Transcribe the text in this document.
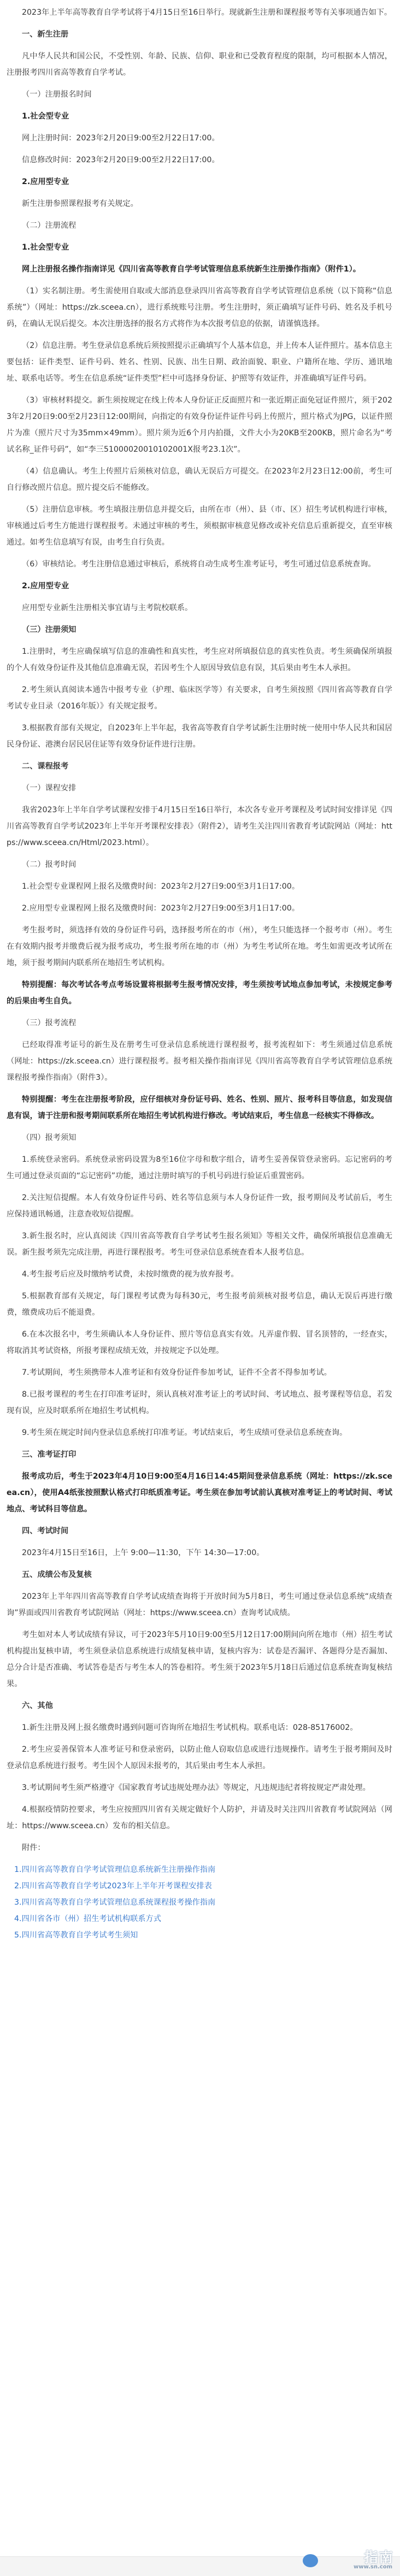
2023年上半年高等教育自学考试将于4月15日至16日举行。现就新生注册和课程报考等有关事项通告如下。

一、新生注册

凡中华人民共和国公民，不受性别、年龄、民族、信仰、职业和已受教育程度的限制，均可根据本人情况，注册报考四川省高等教育自学考试。

（一）注册报名时间

1.社会型专业

网上注册时间：2023年2月20日9:00至2月22日17:00。

信息修改时间：2023年2月20日9:00至2月22日17:00。

2.应用型专业

新生注册参照课程报考有关规定。

（二）注册流程

1.社会型专业

网上注册报名操作指南详见《四川省高等教育自学考试管理信息系统新生注册操作指南》（附件1）。

（1）实名制注册。考生需使用自取或大部消息登录四川省高等教育自学考试管理信息系统（以下简称“信息系统”）（网址：https://zk.sceea.cn），进行系统账号注册。考生注册时，须正确填写证件号码、姓名及手机号码，在确认无误后提交。本次注册选择的报名方式将作为本次报考信息的依据，请谨慎选择。

（2）信息注册。考生登录信息系统后须按照提示正确填写个人基本信息，并上传本人证件照片。基本信息主要包括：证件类型、证件号码、姓名、性别、民族、出生日期、政治面貌、职业、户籍所在地、学历、通讯地址、联系电话等。考生在信息系统“证件类型”栏中可选择身份证、护照等有效证件，并准确填写证件号码。

（3）审核材料提交。新生须按规定在线上传本人身份证正反面照片和一张近期正面免冠证件照片，须于2023年2月20日9:00至2月23日12:00期间，向指定的有效身份证件证件号码上传照片，照片格式为JPG，以证件照片为准（照片尺寸为35mm×49mm）。照片须为近6个月内拍摄，文件大小为20KB至200KB，照片命名为“考试名称_证件号码”，如“李三51000020010102001X报考23.1次”。

（4）信息确认。考生上传照片后须核对信息，确认无误后方可提交。在2023年2月23日12:00前，考生可自行修改照片信息。照片提交后不能修改。

（5）注册信息审核。考生填报注册信息并提交后，由所在市（州）、县（市、区）招生考试机构进行审核，审核通过后考生方能进行课程报考。未通过审核的考生，须根据审核意见修改或补充信息后重新提交，直至审核通过。如考生信息填写有误，由考生自行负责。

（6）审核结论。考生注册信息通过审核后，系统将自动生成考生准考证号，考生可通过信息系统查询。

2.应用型专业

应用型专业新生注册相关事宜请与主考院校联系。

（三）注册须知

1.注册时，考生应确保填写信息的准确性和真实性，考生应对所填报信息的真实性负责。考生须确保所填报的个人有效身份证件及其他信息准确无误，若因考生个人原因导致信息有误，其后果由考生本人承担。

2.考生须认真阅读本通告中报考专业（护理、临床医学等）有关要求，自考生须按照《四川省高等教育自学考试专业目录（2016年版）》有关规定报考。

3.根据教育部有关规定，自2023年上半年起，我省高等教育自学考试新生注册时统一使用中华人民共和国居民身份证、港澳台居民居住证等有效身份证件进行注册。

二、课程报考
（一）课程安排

我省2023年上半年自学考试课程安排于4月15日至16日举行，本次各专业开考课程及考试时间安排详见《四川省高等教育自学考试2023年上半年开考课程安排表》（附件2），请考生关注四川省教育考试院网站（网址：https://www.sceea.cn/Html/2023.html）。

（二）报考时间

1.社会型专业课程网上报名及缴费时间：2023年2月27日9:00至3月1日17:00。

2.应用型专业课程网上报名及缴费时间：2023年2月27日9:00至3月1日17:00。

考生报考时，须选择有效的身份证件号码，选择报考所在的市（州），考生只能选择一个报考市（州）。考生在有效期内报考并缴费后视为报考成功，考生报考所在地的市（州）为考生考试所在地。考生如需更改考试所在地，须于报考期间内联系所在地招生考试机构。

特别提醒：每次考试各考点考场设置将根据考生报考情况安排，考生须按考试地点参加考试，未按规定参考的后果由考生自负。

（三）报考流程

已经取得准考证号的新生及在册考生可登录信息系统进行课程报考，报考流程如下：考生须通过信息系统（网址：https://zk.sceea.cn）进行课程报考。报考相关操作指南详见《四川省高等教育自学考试管理信息系统课程报考操作指南》（附件3）。

特别提醒：考生在注册报考阶段，应仔细核对身份证号码、姓名、性别、照片、报考科目等信息，如发现信息有误，请于注册和报考期间联系所在地招生考试机构进行修改。考试结束后，考生信息一经核实不得修改。

（四）报考须知

1.系统登录密码。系统登录密码设置为8至16位字母和数字组合，请考生妥善保管登录密码。忘记密码的考生可通过登录页面的“忘记密码”功能，通过注册时填写的手机号码进行验证后重置密码。

2.关注短信提醒。本人有效身份证件号码、姓名等信息须与本人身份证件一致，报考期间及考试前后，考生应保持通讯畅通，注意查收短信提醒。

3.新生报名时，应认真阅读《四川省高等教育自学考试考生报名须知》等相关文件，确保所填报信息准确无误。新生报考须先完成注册，再进行课程报考。考生可登录信息系统查看本人报考信息。

4.考生报考后应及时缴纳考试费，未按时缴费的视为放弃报考。

5.根据教育部有关规定，每门课程考试费为每科30元，考生报考前须核对报考信息，确认无误后再进行缴费，缴费成功后不能退费。

6.在本次报名中，考生须确认本人身份证件、照片等信息真实有效。凡弄虚作假、冒名顶替的，一经查实，将取消其考试资格，所报考课程成绩无效，并按规定予以处理。

7.考试期间，考生须携带本人准考证和有效身份证件参加考试，证件不全者不得参加考试。

8.已报考课程的考生在打印准考证时，须认真核对准考证上的考试时间、考试地点、报考课程等信息，若发现有误，应及时联系所在地招生考试机构。

9.考生须在规定时间内登录信息系统打印准考证。考试结束后，考生成绩可登录信息系统查询。

三、准考证打印

报考成功后，考生于2023年4月10日9:00至4月16日14:45期间登录信息系统（网址：https://zk.sceea.cn），使用A4纸张按照默认格式打印纸质准考证。考生须在参加考试前认真核对准考证上的考试时间、考试地点、考试科目等信息。

四、考试时间

2023年4月15日至16日，上午 9:00—11:30，下午 14:30—17:00。

五、成绩公布及复核

2023年上半年四川省高等教育自学考试成绩查询将于开放时间为5月8日，考生可通过登录信息系统“成绩查询”界面或四川省教育考试院网站（网址：https://www.sceea.cn）查询考试成绩。

考生如对本人考试成绩有异议，可于2023年5月10日9:00至5月12日17:00期间向所在地市（州）招生考试机构提出复核申请，考生须登录信息系统进行成绩复核申请，复核内容为：试卷是否漏评、各题得分是否漏加、总分合计是否准确、考试答卷是否与考生本人的答卷相符。考生须于2023年5月18日后通过信息系统查询复核结果。

六、其他

1.新生注册及网上报名缴费时遇到问题可咨询所在地招生考试机构。联系电话：028-85176002。

2.考生应妥善保管本人准考证号和登录密码，以防止他人窃取信息或进行违规操作。请考生于报考期间及时登录信息系统进行报考。考生因个人原因未报考的，其后果由考生本人承担。

3.考试期间考生须严格遵守《国家教育考试违规处理办法》等规定，凡违规违纪者将按规定严肃处理。

4.根据疫情防控要求，考生应按照四川省有关规定做好个人防护，并请及时关注四川省教育考试院网站（网址：https://www.sceea.cn）发布的相关信息。

附件：

1.四川省高等教育自学考试管理信息系统新生注册操作指南
2.四川省高等教育自学考试2023年上半年开考课程安排表
3.四川省高等教育自学考试管理信息系统课程报考操作指南
4.四川省各市（州）招生考试机构联系方式
5.四川省高等教育自学考试考生须知
指南
www.sn.com
